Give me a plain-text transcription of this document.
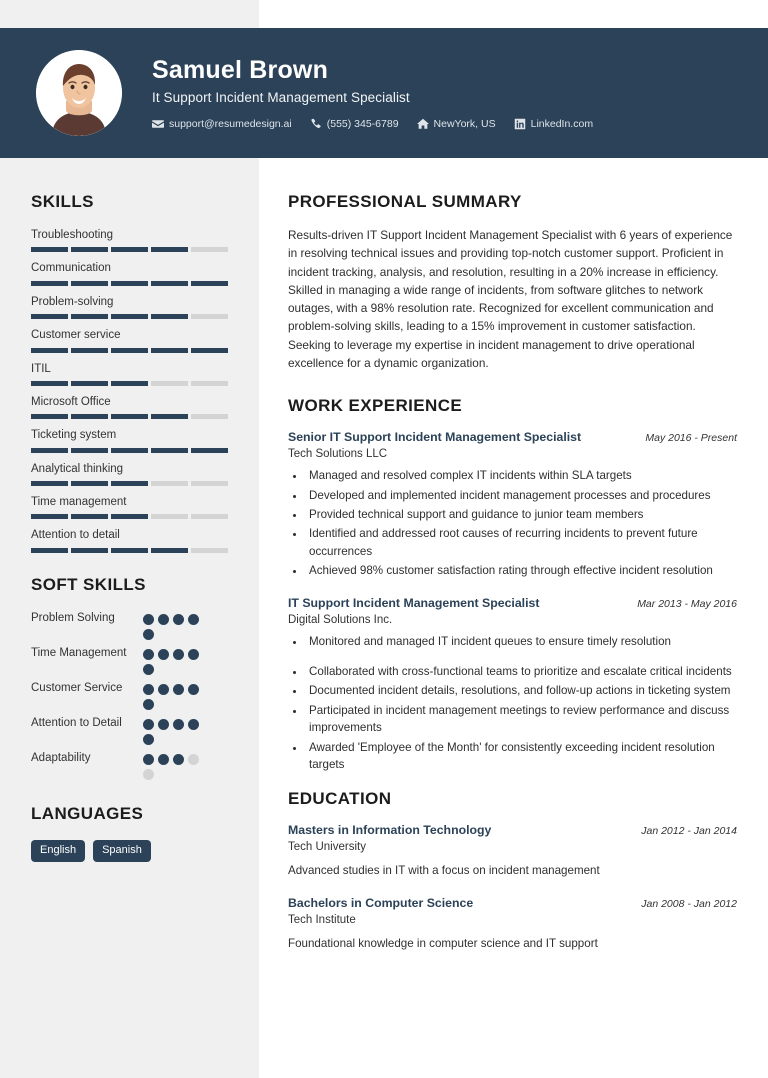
Samuel Brown
It Support Incident Management Specialist
support@resumedesign.ai	(555) 345-6789	NewYork, US	LinkedIn.com
SKILLS
Troubleshooting
Communication
Problem-solving
Customer service
ITIL
Microsoft Office
Ticketing system
Analytical thinking
Time management
Attention to detail
SOFT SKILLS
Problem Solving
Time Management
Customer Service
Attention to Detail
Adaptability
LANGUAGES
English	Spanish
PROFESSIONAL SUMMARY
Results-driven IT Support Incident Management Specialist with 6 years of experience in resolving technical issues and providing top-notch customer support. Proficient in incident tracking, analysis, and resolution, resulting in a 20% increase in efficiency. Skilled in managing a wide range of incidents, from software glitches to network outages, with a 98% resolution rate. Recognized for excellent communication and problem-solving skills, leading to a 15% improvement in customer satisfaction. Seeking to leverage my expertise in incident management to drive operational excellence for a dynamic organization.
WORK EXPERIENCE
Senior IT Support Incident Management Specialist	May 2016 - Present
Tech Solutions LLC
• Managed and resolved complex IT incidents within SLA targets
• Developed and implemented incident management processes and procedures
• Provided technical support and guidance to junior team members
• Identified and addressed root causes of recurring incidents to prevent future occurrences
• Achieved 98% customer satisfaction rating through effective incident resolution
IT Support Incident Management Specialist	Mar 2013 - May 2016
Digital Solutions Inc.
• Monitored and managed IT incident queues to ensure timely resolution
• Collaborated with cross-functional teams to prioritize and escalate critical incidents
• Documented incident details, resolutions, and follow-up actions in ticketing system
• Participated in incident management meetings to review performance and discuss improvements
• Awarded 'Employee of the Month' for consistently exceeding incident resolution targets
EDUCATION
Masters in Information Technology	Jan 2012 - Jan 2014
Tech University
Advanced studies in IT with a focus on incident management
Bachelors in Computer Science	Jan 2008 - Jan 2012
Tech Institute
Foundational knowledge in computer science and IT support
